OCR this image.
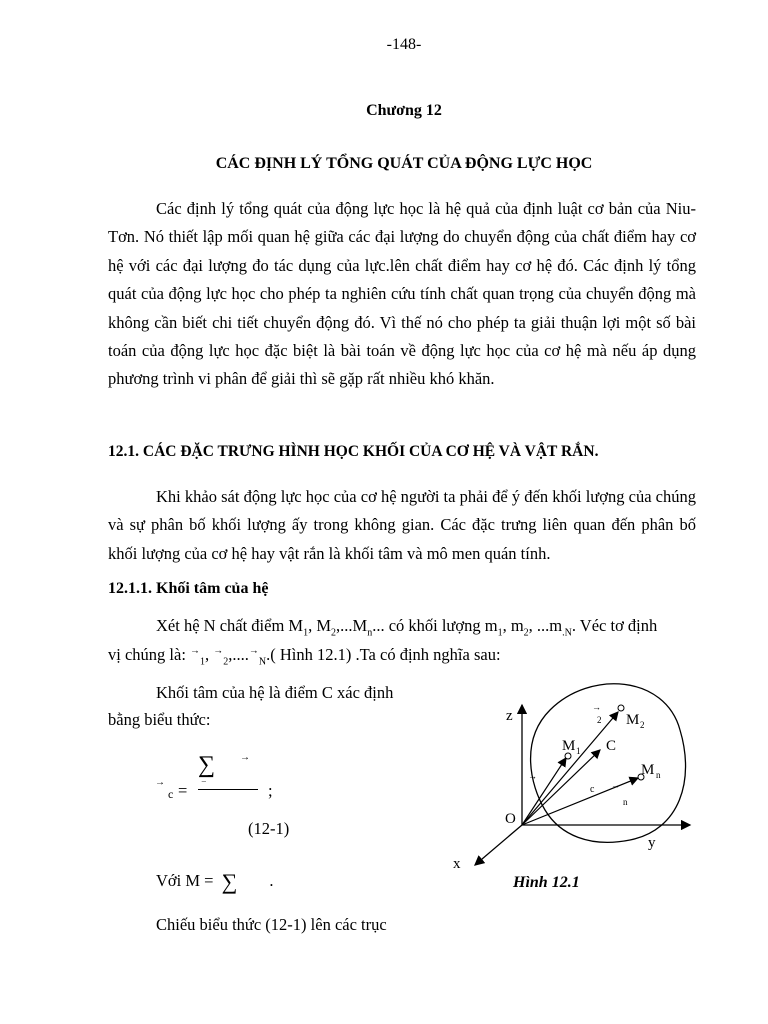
-148-
Chương 12
CÁC ĐỊNH LÝ TỔNG QUÁT CỦA ĐỘNG LỰC HỌC

Các định lý tổng quát của động lực học là hệ quả của định luật cơ bản của Niu-Tơn. Nó thiết lập mối quan hệ giữa các đại lượng do chuyển động của chất điểm hay cơ hệ với các đại lượng đo tác dụng của lực.lên chất điểm hay cơ hệ đó. Các định lý tổng quát của động lực học cho phép ta nghiên cứu tính chất quan trọng của chuyển động mà không cần biết chi tiết chuyển động đó. Vì thế nó cho phép ta giải thuận lợi một số bài toán của động lực học đặc biệt là bài toán về động lực học của cơ hệ mà nếu áp dụng phương trình vi phân để giải thì sẽ gặp rất nhiều khó khăn.

12.1. CÁC ĐẶC TRƯNG HÌNH HỌC KHỐI CỦA CƠ HỆ VÀ VẬT RẮN.

Khi khảo sát động lực học của cơ hệ người ta phải để ý đến khối lượng của chúng và sự phân bố khối lượng ấy trong không gian. Các đặc trưng liên quan đến phân bố khối lượng của cơ hệ hay vật rắn là khối tâm và mô men quán tính.

12.1.1. Khối tâm của hệ
Xét hệ N chất điểm $M_1$, $M_2,...M_n$... có khối lượng $m_1$, $m_2$, $...m_{.N}$. Véc tơ định
vị chúng là: →$_1$, $^\to_2,....^\to_N$.( Hình 12.1) .Ta có định nghĩa sau:
Khối tâm của hệ là điểm C xác định
bằng biểu thức:
→
c =
∑ →
‾	;
(12-1)
Với M = ∑ .
Chiếu biểu thức (12-1) lên các trục
z
x
y
O
C
M 1
M 2
M n
→
2
→
c →
n
Hình 12.1
